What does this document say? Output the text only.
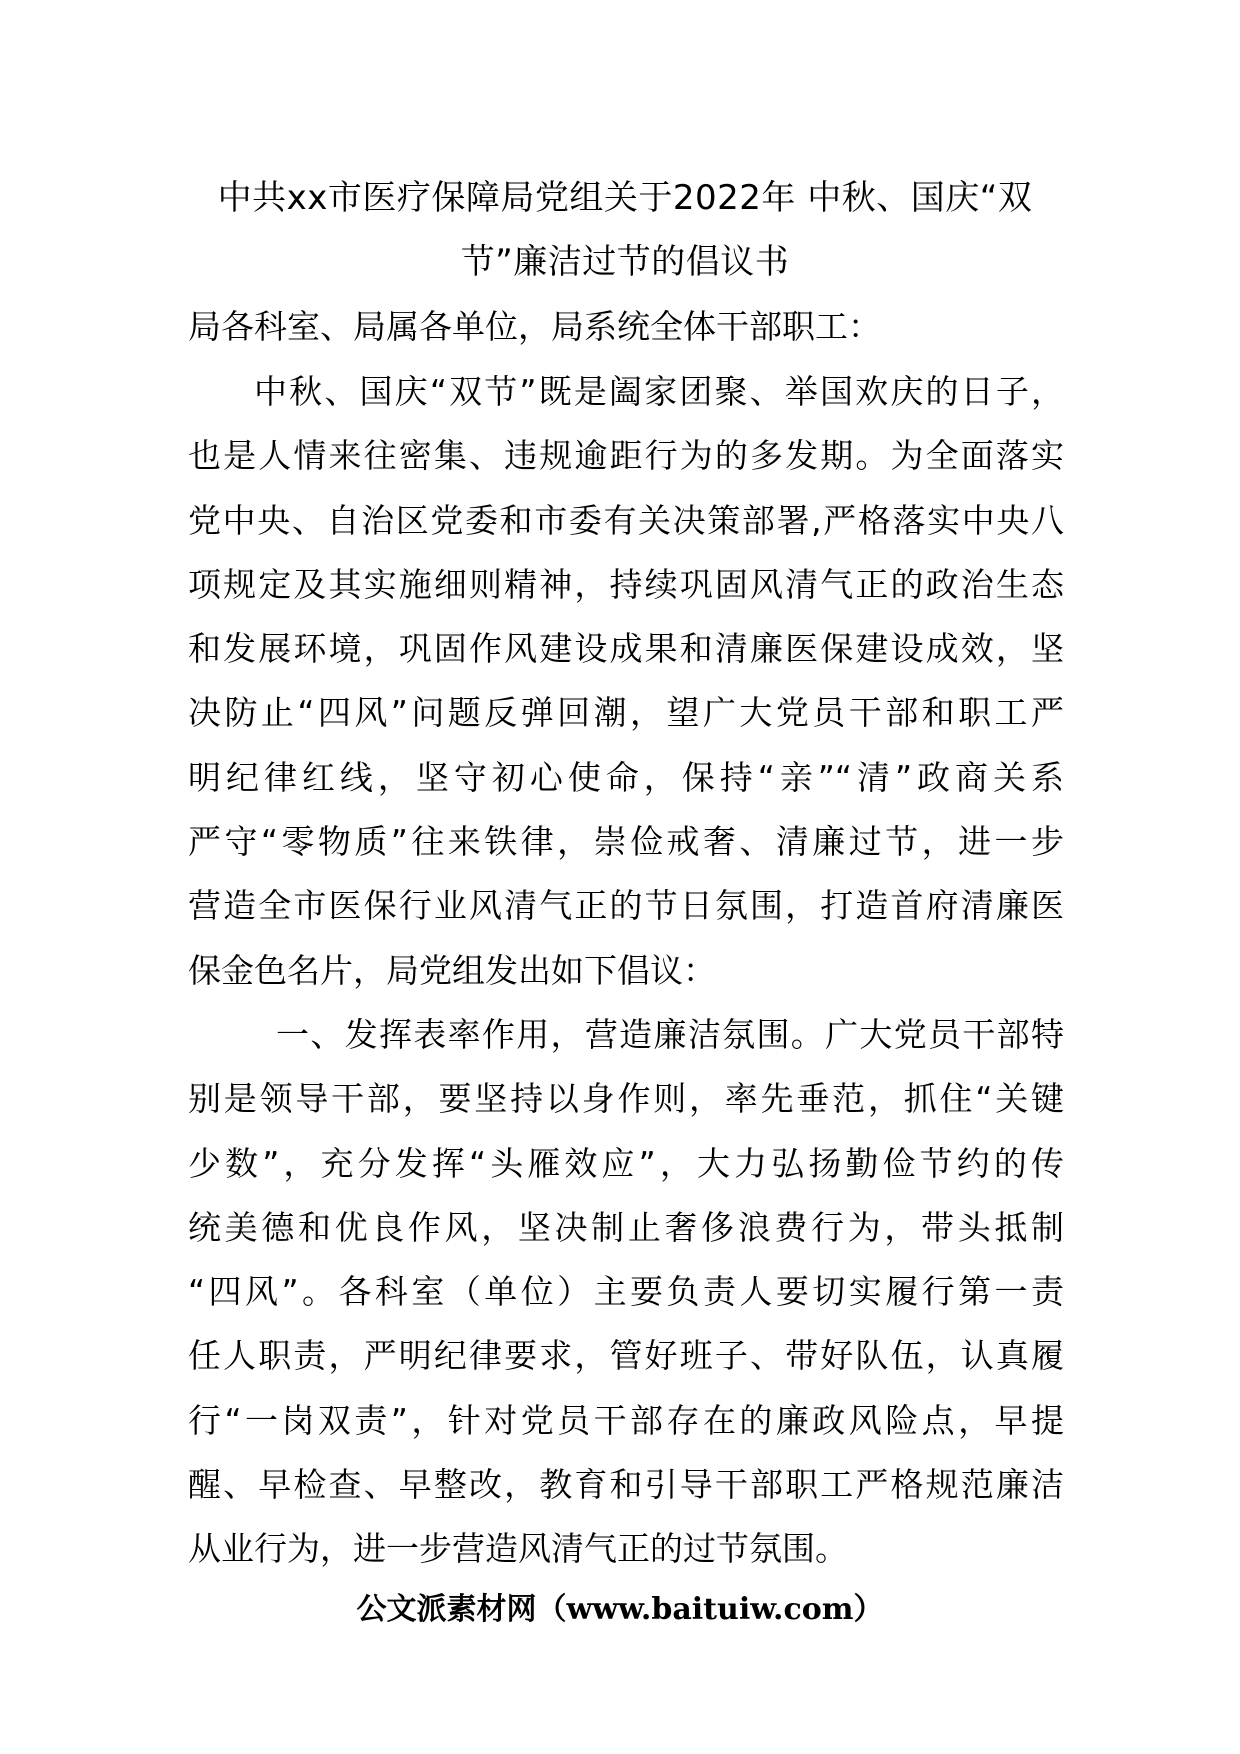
中共xx市医疗保障局党组关于2022年 中秋、国庆“双
节”廉洁过节的倡议书

局各科室、局属各单位，局系统全体干部职工：

中秋、国庆“双节”既是阖家团聚、举国欢庆的日子，
也是人情来往密集、违规逾距行为的多发期。为全面落实
党中央、自治区党委和市委有关决策部署,严格落实中央八
项规定及其实施细则精神，持续巩固风清气正的政治生态
和发展环境，巩固作风建设成果和清廉医保建设成效，坚
决防止“四风”问题反弹回潮，望广大党员干部和职工严
明纪律红线，坚守初心使命，保持“亲”“清”政商关系
严守“零物质”往来铁律，崇俭戒奢、清廉过节，进一步
营造全市医保行业风清气正的节日氛围，打造首府清廉医
保金色名片，局党组发出如下倡议：
一、发挥表率作用，营造廉洁氛围。广大党员干部特
别是领导干部，要坚持以身作则，率先垂范，抓住“关键
少数”，充分发挥“头雁效应”，大力弘扬勤俭节约的传
统美德和优良作风，坚决制止奢侈浪费行为，带头抵制
“四风”。各科室（单位）主要负责人要切实履行第一责
任人职责，严明纪律要求，管好班子、带好队伍，认真履
行“一岗双责”，针对党员干部存在的廉政风险点，早提
醒、早检查、早整改，教育和引导干部职工严格规范廉洁
从业行为，进一步营造风清气正的过节氛围。
公文派素材网（www.baituiw.com）
